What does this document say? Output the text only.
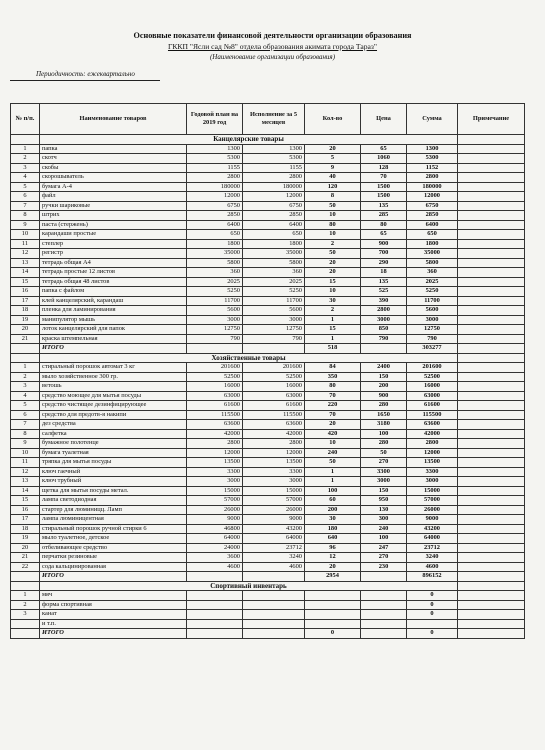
Основные показатели финансовой деятельности организации образования
ГККП "Ясли сад №8" отдела образования акимата города Тараз"
(Наименование организации образования)
Периодичность: ежеквартально
№ п/п.	Наименование товаров	Годовой план на 2019 год	Исполнение за 5 месяцев	Кол-во	Цена	Сумма	Примечание
	Канцелярские товары						
1	папка	1300	1300	20	65	1300	
2	скотч	5300	5300	5	1060	5300	
3	скобы	1155	1155	9	128	1152	
4	скорошыватель	2800	2800	40	70	2800	
5	бумага А-4	180000	180000	120	1500	180000	
6	файл	12000	12000	8	1500	12000	
7	ручки шариковые	6750	6750	50	135	6750	
8	штрих	2850	2850	10	285	2850	
9	паста (стержень)	6400	6400	80	80	6400	
10	карандаши простые	650	650	10	65	650	
11	степлер	1800	1800	2	900	1800	
12	регистр	35000	35000	50	700	35000	
13	тетрадь общая А4	5800	5800	20	290	5800	
14	тетрадь простые 12 листов	360	360	20	18	360	
15	тетрадь общая 48 листов	2025	2025	15	135	2025	
16	папка с файлом	5250	5250	10	525	5250	
17	клей канцелярский, карандаш	11700	11700	30	390	11700	
18	пленка для ламинирования	5600	5600	2	2800	5600	
19	манипулятор мышь	3000	3000	1	3000	3000	
20	лоток канцелярский для папок	12750	12750	15	850	12750	
21	краска штемпельная	790	790	1	790	790	
	ИТОГО			518		303277	
	Хозяйственные товары						
1	стиральный порошок автомат 3 кг	201600	201600	84	2400	201600	
2	мыло хозяйственное 300 гр.	52500	52500	350	150	52500	
3	ветошь	16000	16000	80	200	16000	
4	средство моющее для мытья посуды	63000	63000	70	900	63000	
5	средство чистящее дезинфицирующее	61600	61600	220	280	61600	
6	средство для предотв-я накипи	115500	115500	70	1650	115500	
7	дез средства	63600	63600	20	3180	63600	
8	салфетка	42000	42000	420	100	42000	
9	бумажное полотенце	2800	2800	10	280	2800	
10	бумага туалетная	12000	12000	240	50	12000	
11	тряпка для мытья посуды	13500	13500	50	270	13500	
12	ключ гаечный	3300	3300	1	3300	3300	
13	ключ трубный	3000	3000	1	3000	3000	
14	щетка для мытья посуды метал.	15000	15000	100	150	15000	
15	лампа светодиодная	57000	57000	60	950	57000	
16	стартер для люминицц. Ламп	26000	26000	200	130	26000	
17	лампа люминицентная	9000	9000	30	300	9000	
18	стиральный порошок ручной стирки 6	46800	43200	180	240	43200	
19	мыло туалетное, детское	64000	64000	640	100	64000	
20	отбеливающее средство	24000	23712	96	247	23712	
21	перчатки резиновые	3600	3240	12	270	3240	
22	сода кальцинированная	4600	4600	20	230	4600	
	ИТОГО			2954		896152	
	Спортивный инвентарь						
1	мяч					0	
2	форма спортивная					0	
3	канат					0	
	и т.п.						
	ИТОГО			0		0	
